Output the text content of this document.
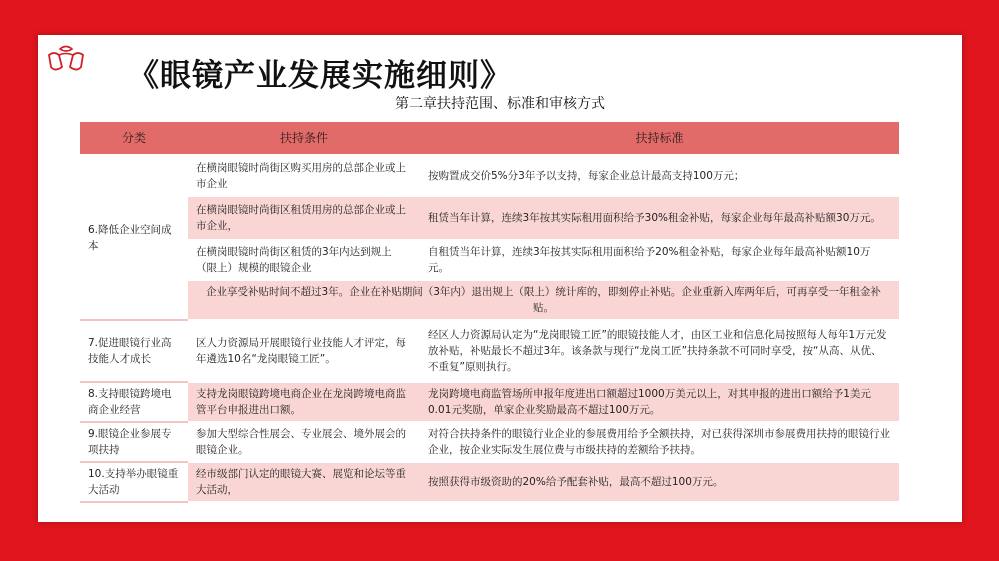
《眼镜产业发展实施细则》
第二章扶持范围、标准和审核方式
分类	扶持条件	扶持标准
6.降低企业空间成本	在横岗眼镜时尚街区购买用房的总部企业或上市企业	按购置成交价5%分3年予以支持，每家企业总计最高支持100万元；
	在横岗眼镜时尚街区租赁用房的总部企业或上市企业，	租赁当年计算，连续3年按其实际租用面积给予30%租金补贴，每家企业每年最高补贴额30万元。
	在横岗眼镜时尚街区租赁的3年内达到规上（限上）规模的眼镜企业	自租赁当年计算，连续3年按其实际租用面积给予20%租金补贴，每家企业每年最高补贴额10万元。
	企业享受补贴时间不超过3年。企业在补贴期间（3年内）退出规上（限上）统计库的，即刻停止补贴。企业重新入库两年后，可再享受一年租金补贴。	
7.促进眼镜行业高技能人才成长	区人力资源局开展眼镜行业技能人才评定，每年遴选10名“龙岗眼镜工匠”。	经区人力资源局认定为“龙岗眼镜工匠”的眼镜技能人才，由区工业和信息化局按照每人每年1万元发放补贴，补贴最长不超过3年。该条款与现行“龙岗工匠”扶持条款不可同时享受，按“从高、从优、不重复”原则执行。
8.支持眼镜跨境电商企业经营	支持龙岗眼镜跨境电商企业在龙岗跨境电商监管平台申报进出口额。	龙岗跨境电商监管场所申报年度进出口额超过1000万美元以上，对其申报的进出口额给予1美元0.01元奖励，单家企业奖励最高不超过100万元。
9.眼镜企业参展专项扶持	参加大型综合性展会、专业展会、境外展会的眼镜企业。	对符合扶持条件的眼镜行业企业的参展费用给予全额扶持，对已获得深圳市参展费用扶持的眼镜行业企业，按企业实际发生展位费与市级扶持的差额给予扶持。
10.支持举办眼镜重大活动	经市级部门认定的眼镜大赛、展览和论坛等重大活动，	按照获得市级资助的20%给予配套补贴，最高不超过100万元。
